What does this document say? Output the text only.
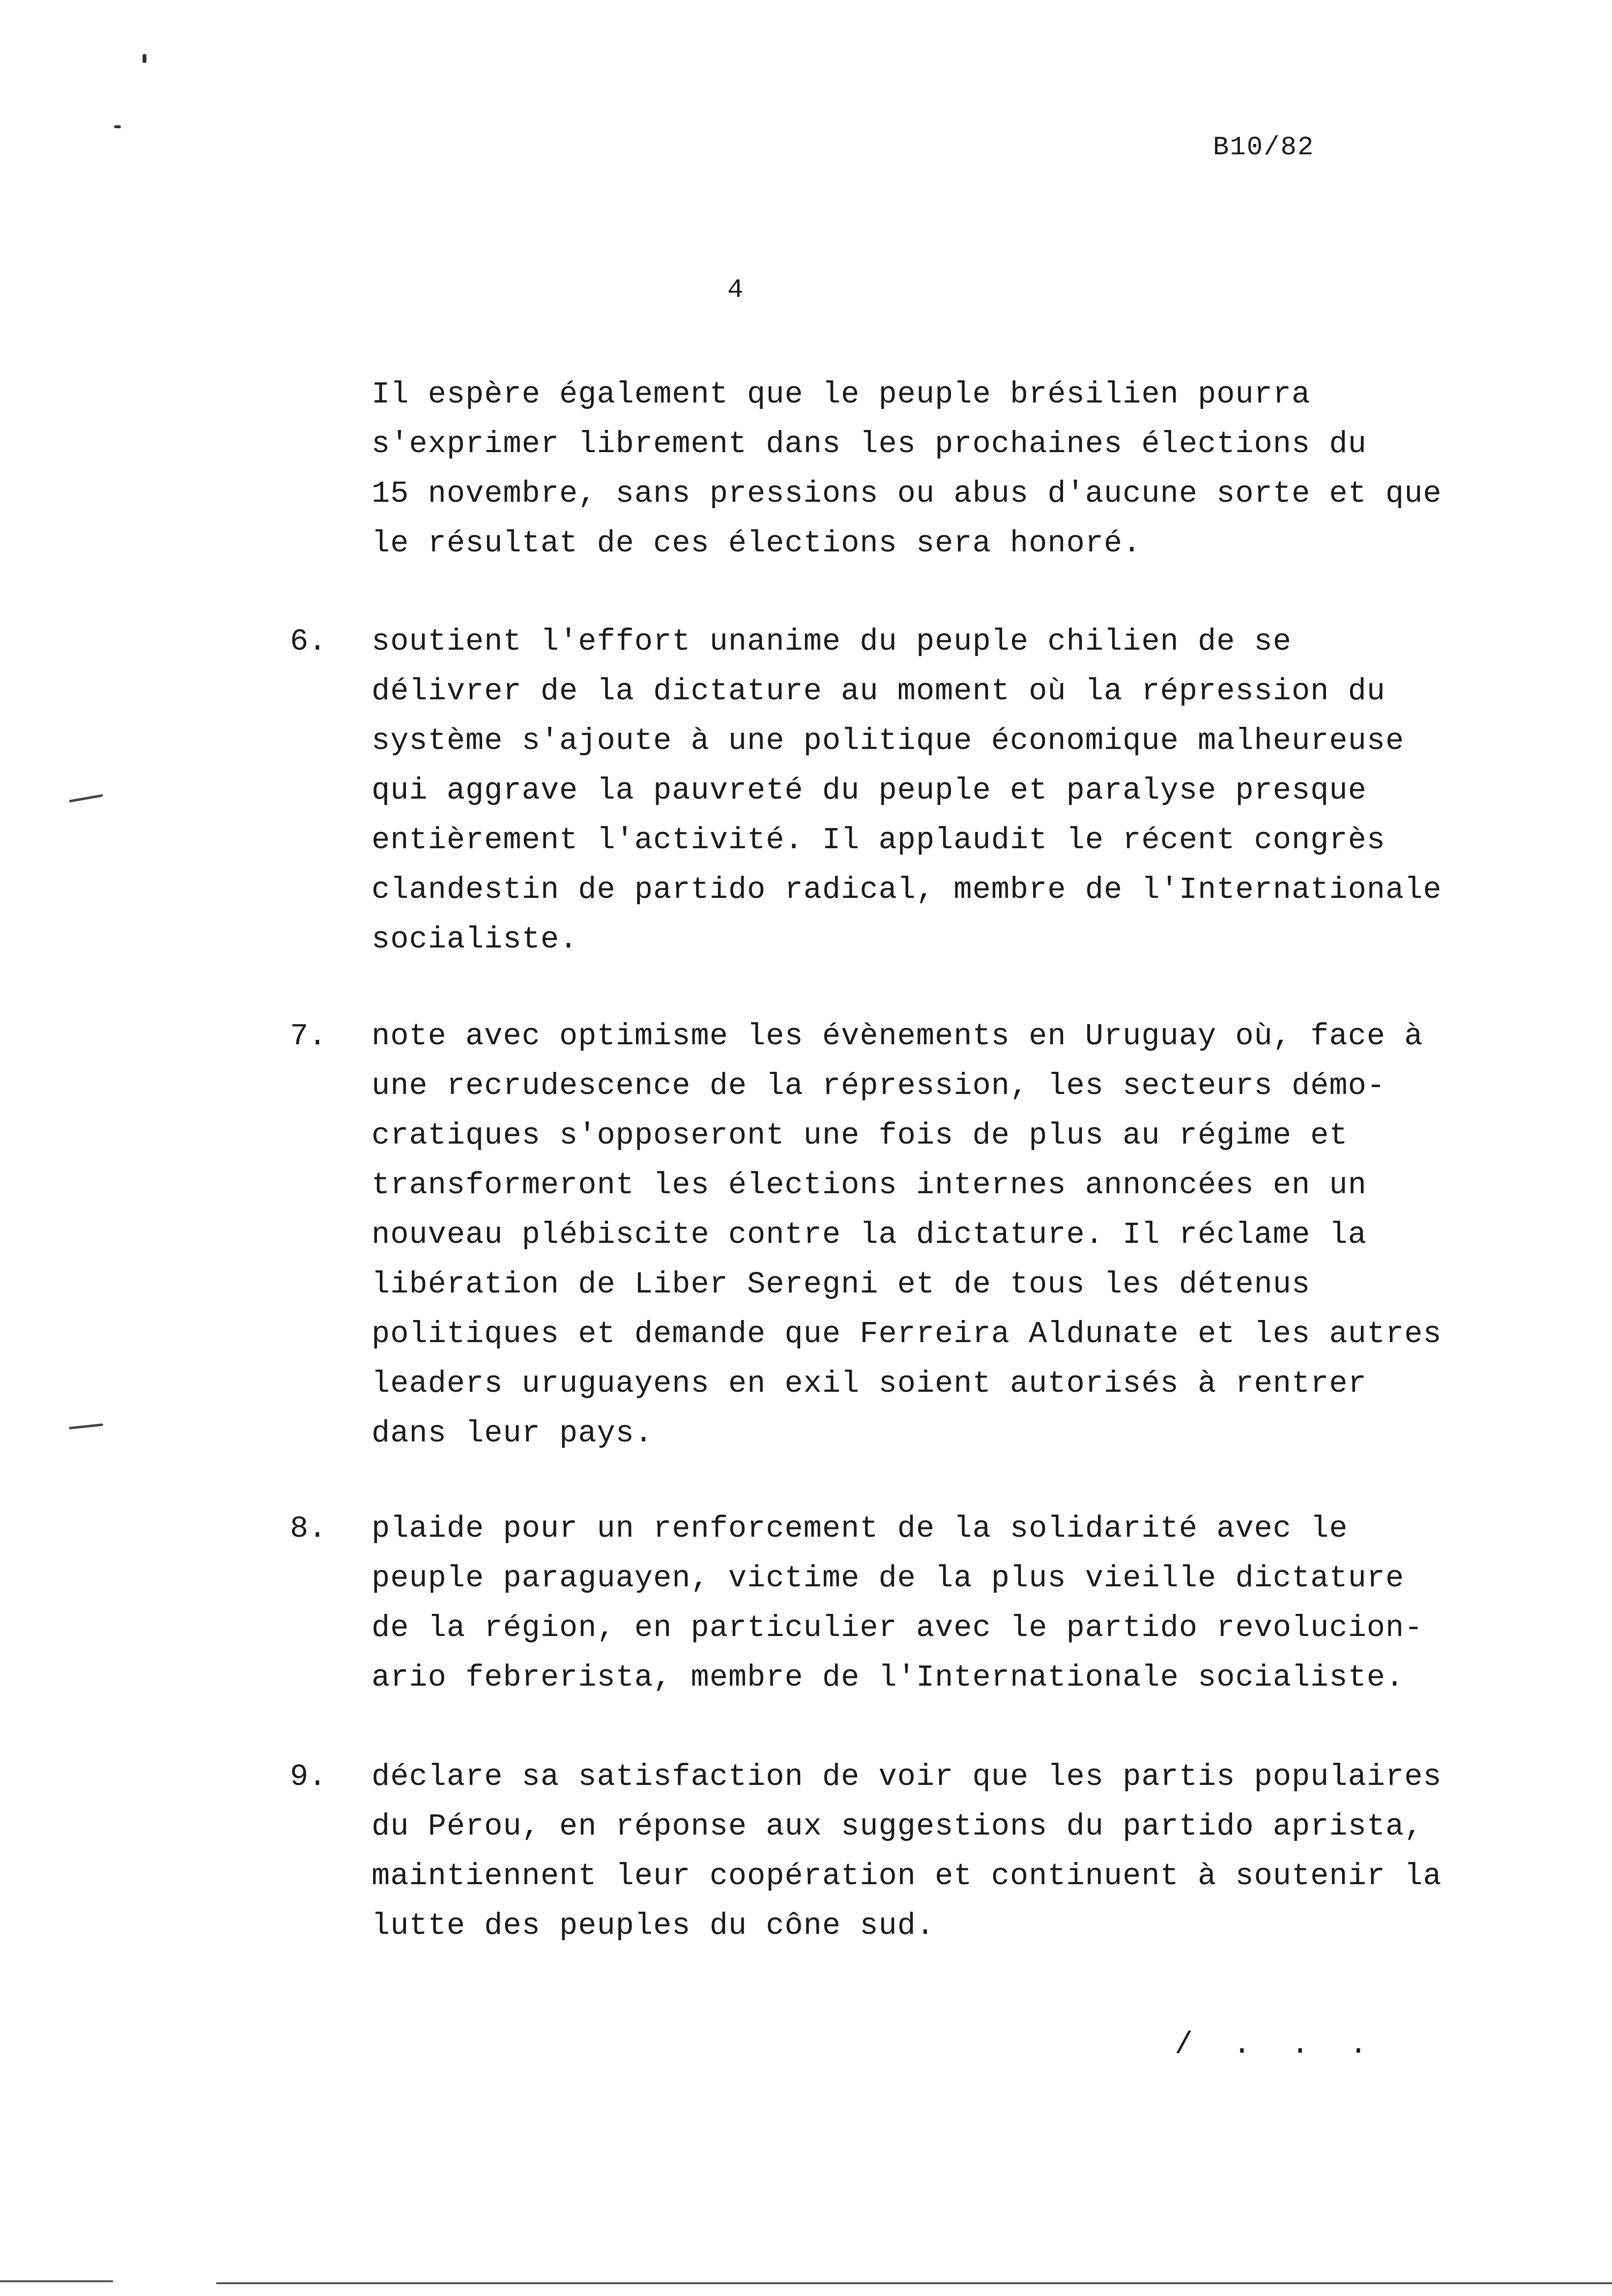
B10/82
4
Il espère également que le peuple brésilien pourra
s'exprimer librement dans les prochaines élections du
15 novembre, sans pressions ou abus d'aucune sorte et que
le résultat de ces élections sera honoré.
6. soutient l'effort unanime du peuple chilien de se
délivrer de la dictature au moment où la répression du
système s'ajoute à une politique économique malheureuse
qui aggrave la pauvreté du peuple et paralyse presque
entièrement l'activité. Il applaudit le récent congrès
clandestin de partido radical, membre de l'Internationale
socialiste.
7. note avec optimisme les évènements en Uruguay où, face à
une recrudescence de la répression, les secteurs démo-
cratiques s'opposeront une fois de plus au régime et
transformeront les élections internes annoncées en un
nouveau plébiscite contre la dictature. Il réclame la
libération de Liber Seregni et de tous les détenus
politiques et demande que Ferreira Aldunate et les autres
leaders uruguayens en exil soient autorisés à rentrer
dans leur pays.
8. plaide pour un renforcement de la solidarité avec le
peuple paraguayen, victime de la plus vieille dictature
de la région, en particulier avec le partido revolucion-
ario febrerista, membre de l'Internationale socialiste.
9. déclare sa satisfaction de voir que les partis populaires
du Pérou, en réponse aux suggestions du partido aprista,
maintiennent leur coopération et continuent à soutenir la
lutte des peuples du cône sud.
/ . . .
